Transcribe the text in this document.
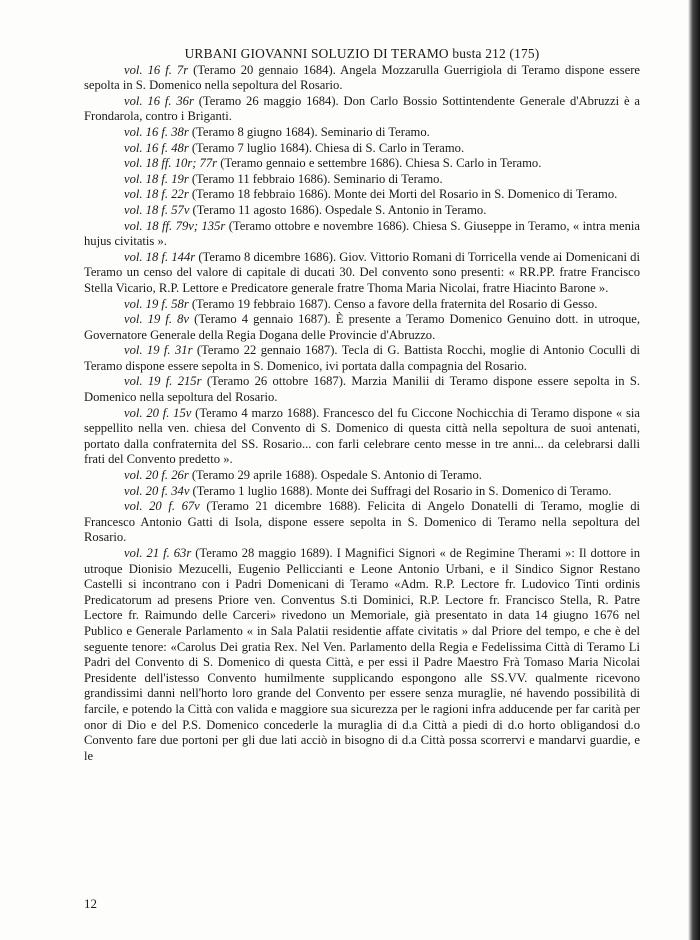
URBANI GIOVANNI SOLUZIO DI TERAMO busta 212 (175)

vol. 16 f. 7r (Teramo 20 gennaio 1684). Angela Mozzarulla Guerrigiola di Teramo dispone essere sepolta in S. Domenico nella sepoltura del Rosario.

vol. 16 f. 36r (Teramo 26 maggio 1684). Don Carlo Bossio Sottintendente Generale d'Abruzzi è a Frondarola, contro i Briganti.

vol. 16 f. 38r (Teramo 8 giugno 1684). Seminario di Teramo.

vol. 16 f. 48r (Teramo 7 luglio 1684). Chiesa di S. Carlo in Teramo.

vol. 18 ff. 10r; 77r (Teramo gennaio e settembre 1686). Chiesa S. Carlo in Teramo.

vol. 18 f. 19r (Teramo 11 febbraio 1686). Seminario di Teramo.

vol. 18 f. 22r (Teramo 18 febbraio 1686). Monte dei Morti del Rosario in S. Domenico di Teramo.

vol. 18 f. 57v (Teramo 11 agosto 1686). Ospedale S. Antonio in Teramo.

vol. 18 ff. 79v; 135r (Teramo ottobre e novembre 1686). Chiesa S. Giuseppe in Teramo, « intra menia hujus civitatis ».

vol. 18 f. 144r (Teramo 8 dicembre 1686). Giov. Vittorio Romani di Torricella vende ai Domenicani di Teramo un censo del valore di capitale di ducati 30. Del convento sono presenti: « RR.PP. fratre Francisco Stella Vicario, R.P. Lettore e Predicatore generale fratre Thoma Maria Nicolai, fratre Hiacinto Barone ».

vol. 19 f. 58r (Teramo 19 febbraio 1687). Censo a favore della fraternita del Rosario di Gesso.

vol. 19 f. 8v (Teramo 4 gennaio 1687). È presente a Teramo Domenico Genuino dott. in utroque, Governatore Generale della Regia Dogana delle Provincie d'Abruzzo.

vol. 19 f. 31r (Teramo 22 gennaio 1687). Tecla di G. Battista Rocchi, moglie di Antonio Coculli di Teramo dispone essere sepolta in S. Domenico, ivi portata dalla compagnia del Rosario.

vol. 19 f. 215r (Teramo 26 ottobre 1687). Marzia Manilii di Teramo dispone essere sepolta in S. Domenico nella sepoltura del Rosario.

vol. 20 f. 15v (Teramo 4 marzo 1688). Francesco del fu Ciccone Nochicchia di Teramo dispone « sia seppellito nella ven. chiesa del Convento di S. Domenico di questa città nella sepoltura de suoi antenati, portato dalla confraternita del SS. Rosario... con farli celebrare cento messe in tre anni... da celebrarsi dalli frati del Convento predetto ».

vol. 20 f. 26r (Teramo 29 aprile 1688). Ospedale S. Antonio di Teramo.

vol. 20 f. 34v (Teramo 1 luglio 1688). Monte dei Suffragi del Rosario in S. Domenico di Teramo.

vol. 20 f. 67v (Teramo 21 dicembre 1688). Felicita di Angelo Donatelli di Teramo, moglie di Francesco Antonio Gatti di Isola, dispone essere sepolta in S. Domenico di Teramo nella sepoltura del Rosario.

vol. 21 f. 63r (Teramo 28 maggio 1689). I Magnifici Signori « de Regimine Therami »: Il dottore in utroque Dionisio Mezucelli, Eugenio Pelliccianti e Leone Antonio Urbani, e il Sindico Signor Restano Castelli si incontrano con i Padri Domenicani di Teramo «Adm. R.P. Lectore fr. Ludovico Tinti ordinis Predicatorum ad presens Priore ven. Conventus S.ti Dominici, R.P. Lectore fr. Francisco Stella, R. Patre Lectore fr. Raimundo delle Carceri» rivedono un Memoriale, già presentato in data 14 giugno 1676 nel Publico e Generale Parlamento « in Sala Palatii residentie affate civitatis » dal Priore del tempo, e che è del seguente tenore: «Carolus Dei gratia Rex. Nel Ven. Parlamento della Regia e Fedelissima Città di Teramo Li Padri del Convento di S. Domenico di questa Città, e per essi il Padre Maestro Frà Tomaso Maria Nicolai Presidente dell'istesso Convento humilmente supplicando espongono alle SS.VV. qualmente ricevono grandissimi danni nell'horto loro grande del Convento per essere senza muraglie, né havendo possibilità di farcile, e potendo la Città con valida e maggiore sua sicurezza per le ragioni infra adducende per far carità per onor di Dio e del P.S. Domenico concederle la muraglia di d.a Città a piedi di d.o horto obligandosi d.o Convento fare due portoni per gli due lati acciò in bisogno di d.a Città possa scorrervi e mandarvi guardie, e le

12
